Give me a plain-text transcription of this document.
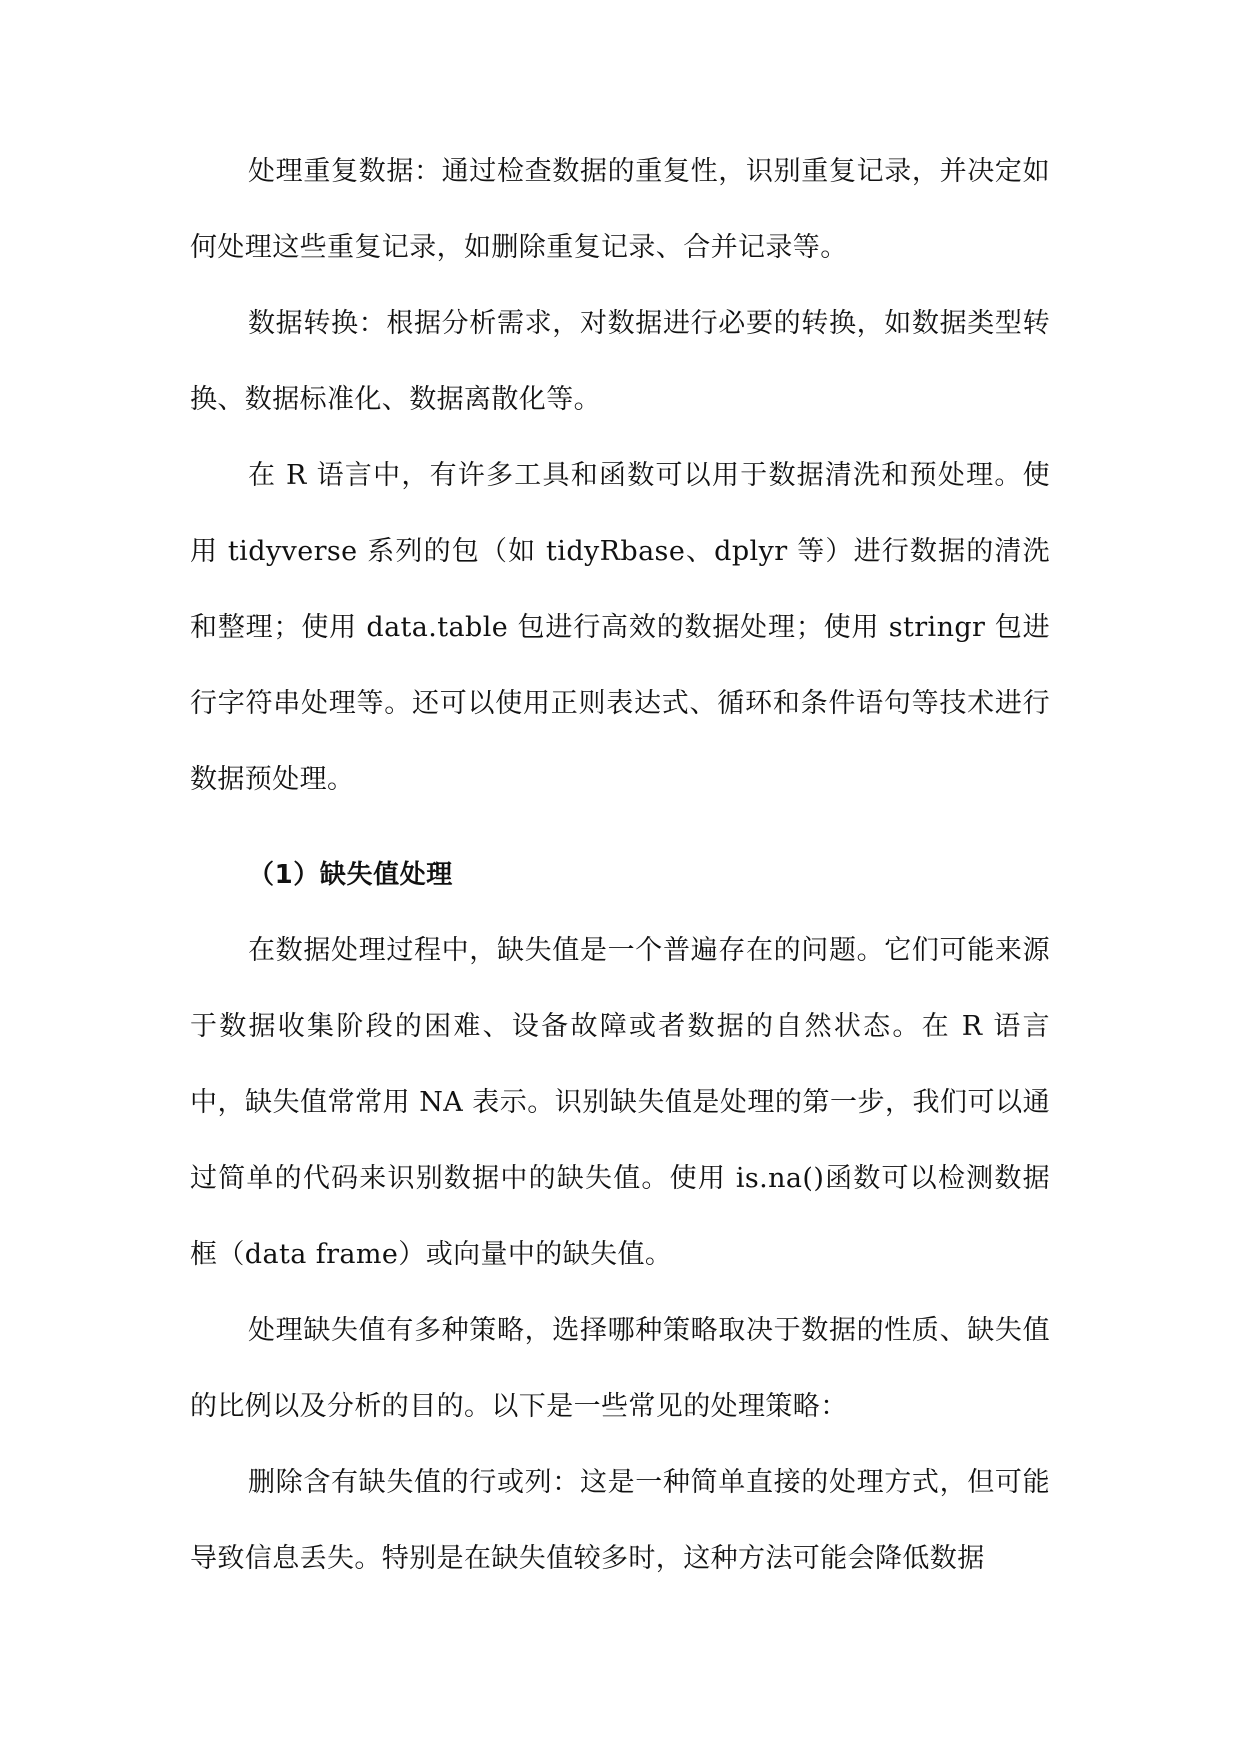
处理重复数据：通过检查数据的重复性，识别重复记录，并决定如何处理这些重复记录，如删除重复记录、合并记录等。

数据转换：根据分析需求，对数据进行必要的转换，如数据类型转换、数据标准化、数据离散化等。

在 R 语言中，有许多工具和函数可以用于数据清洗和预处理。使用 tidyverse 系列的包（如 tidyRbase、dplyr 等）进行数据的清洗和整理；使用 data.table 包进行高效的数据处理；使用 stringr 包进行字符串处理等。还可以使用正则表达式、循环和条件语句等技术进行数据预处理。

（1）缺失值处理

在数据处理过程中，缺失值是一个普遍存在的问题。它们可能来源于数据收集阶段的困难、设备故障或者数据的自然状态。在 R 语言中，缺失值常常用 NA 表示。识别缺失值是处理的第一步，我们可以通过简单的代码来识别数据中的缺失值。使用 is.na()函数可以检测数据框（data frame）或向量中的缺失值。

处理缺失值有多种策略，选择哪种策略取决于数据的性质、缺失值的比例以及分析的目的。以下是一些常见的处理策略：

删除含有缺失值的行或列：这是一种简单直接的处理方式，但可能导致信息丢失。特别是在缺失值较多时，这种方法可能会降低数据
